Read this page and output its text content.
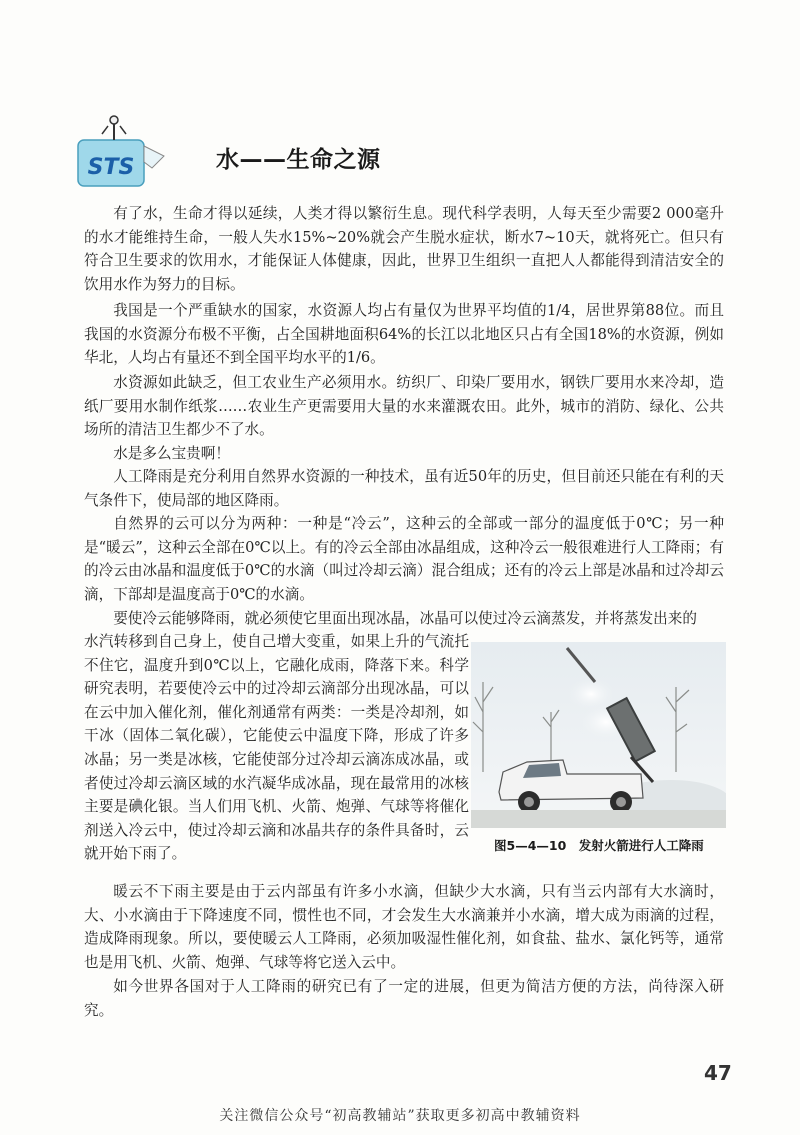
STS	水——生命之源

有了水，生命才得以延续，人类才得以繁衍生息。现代科学表明，人每天至少需要2 000毫升的水才能维持生命，一般人失水15%~20%就会产生脱水症状，断水7~10天，就将死亡。但只有符合卫生要求的饮用水，才能保证人体健康，因此，世界卫生组织一直把人人都能得到清洁安全的饮用水作为努力的目标。

我国是一个严重缺水的国家，水资源人均占有量仅为世界平均值的1/4，居世界第88位。而且我国的水资源分布极不平衡，占全国耕地面积64%的长江以北地区只占有全国18%的水资源，例如华北，人均占有量还不到全国平均水平的1/6。

水资源如此缺乏，但工农业生产必须用水。纺织厂、印染厂要用水，钢铁厂要用水来冷却，造纸厂要用水制作纸浆……农业生产更需要用大量的水来灌溉农田。此外，城市的消防、绿化、公共场所的清洁卫生都少不了水。

水是多么宝贵啊！

人工降雨是充分利用自然界水资源的一种技术，虽有近50年的历史，但目前还只能在有利的天气条件下，使局部的地区降雨。

自然界的云可以分为两种：一种是“冷云”，这种云的全部或一部分的温度低于0℃；另一种是“暖云”，这种云全部在0℃以上。有的冷云全部由冰晶组成，这种冷云一般很难进行人工降雨；有的冷云由冰晶和温度低于0℃的水滴（叫过冷却云滴）混合组成；还有的冷云上部是冰晶和过冷却云滴，下部却是温度高于0℃的水滴。

要使冷云能够降雨，就必须使它里面出现冰晶，冰晶可以使过冷云滴蒸发，并将蒸发出来的

水汽转移到自己身上，使自己增大变重，如果上升的气流托不住它，温度升到0℃以上，它融化成雨，降落下来。科学研究表明，若要使冷云中的过冷却云滴部分出现冰晶，可以在云中加入催化剂，催化剂通常有两类：一类是冷却剂，如干冰（固体二氧化碳），它能使云中温度下降，形成了许多冰晶；另一类是冰核，它能使部分过冷却云滴冻成冰晶，或者使过冷却云滴区域的水汽凝华成冰晶，现在最常用的冰核主要是碘化银。当人们用飞机、火箭、炮弹、气球等将催化剂送入冷云中，使过冷却云滴和冰晶共存的条件具备时，云就开始下雨了。

暖云不下雨主要是由于云内部虽有许多小水滴，但缺少大水滴，只有当云内部有大水滴时，大、小水滴由于下降速度不同，惯性也不同，才会发生大水滴兼并小水滴，增大成为雨滴的过程，造成降雨现象。所以，要使暖云人工降雨，必须加吸湿性催化剂，如食盐、盐水、氯化钙等，通常也是用飞机、火箭、炮弹、气球等将它送入云中。

如今世界各国对于人工降雨的研究已有了一定的进展，但更为简洁方便的方法，尚待深入研究。

图5—4—10　发射火箭进行人工降雨
47
关注微信公众号“初高教辅站”获取更多初高中教辅资料
